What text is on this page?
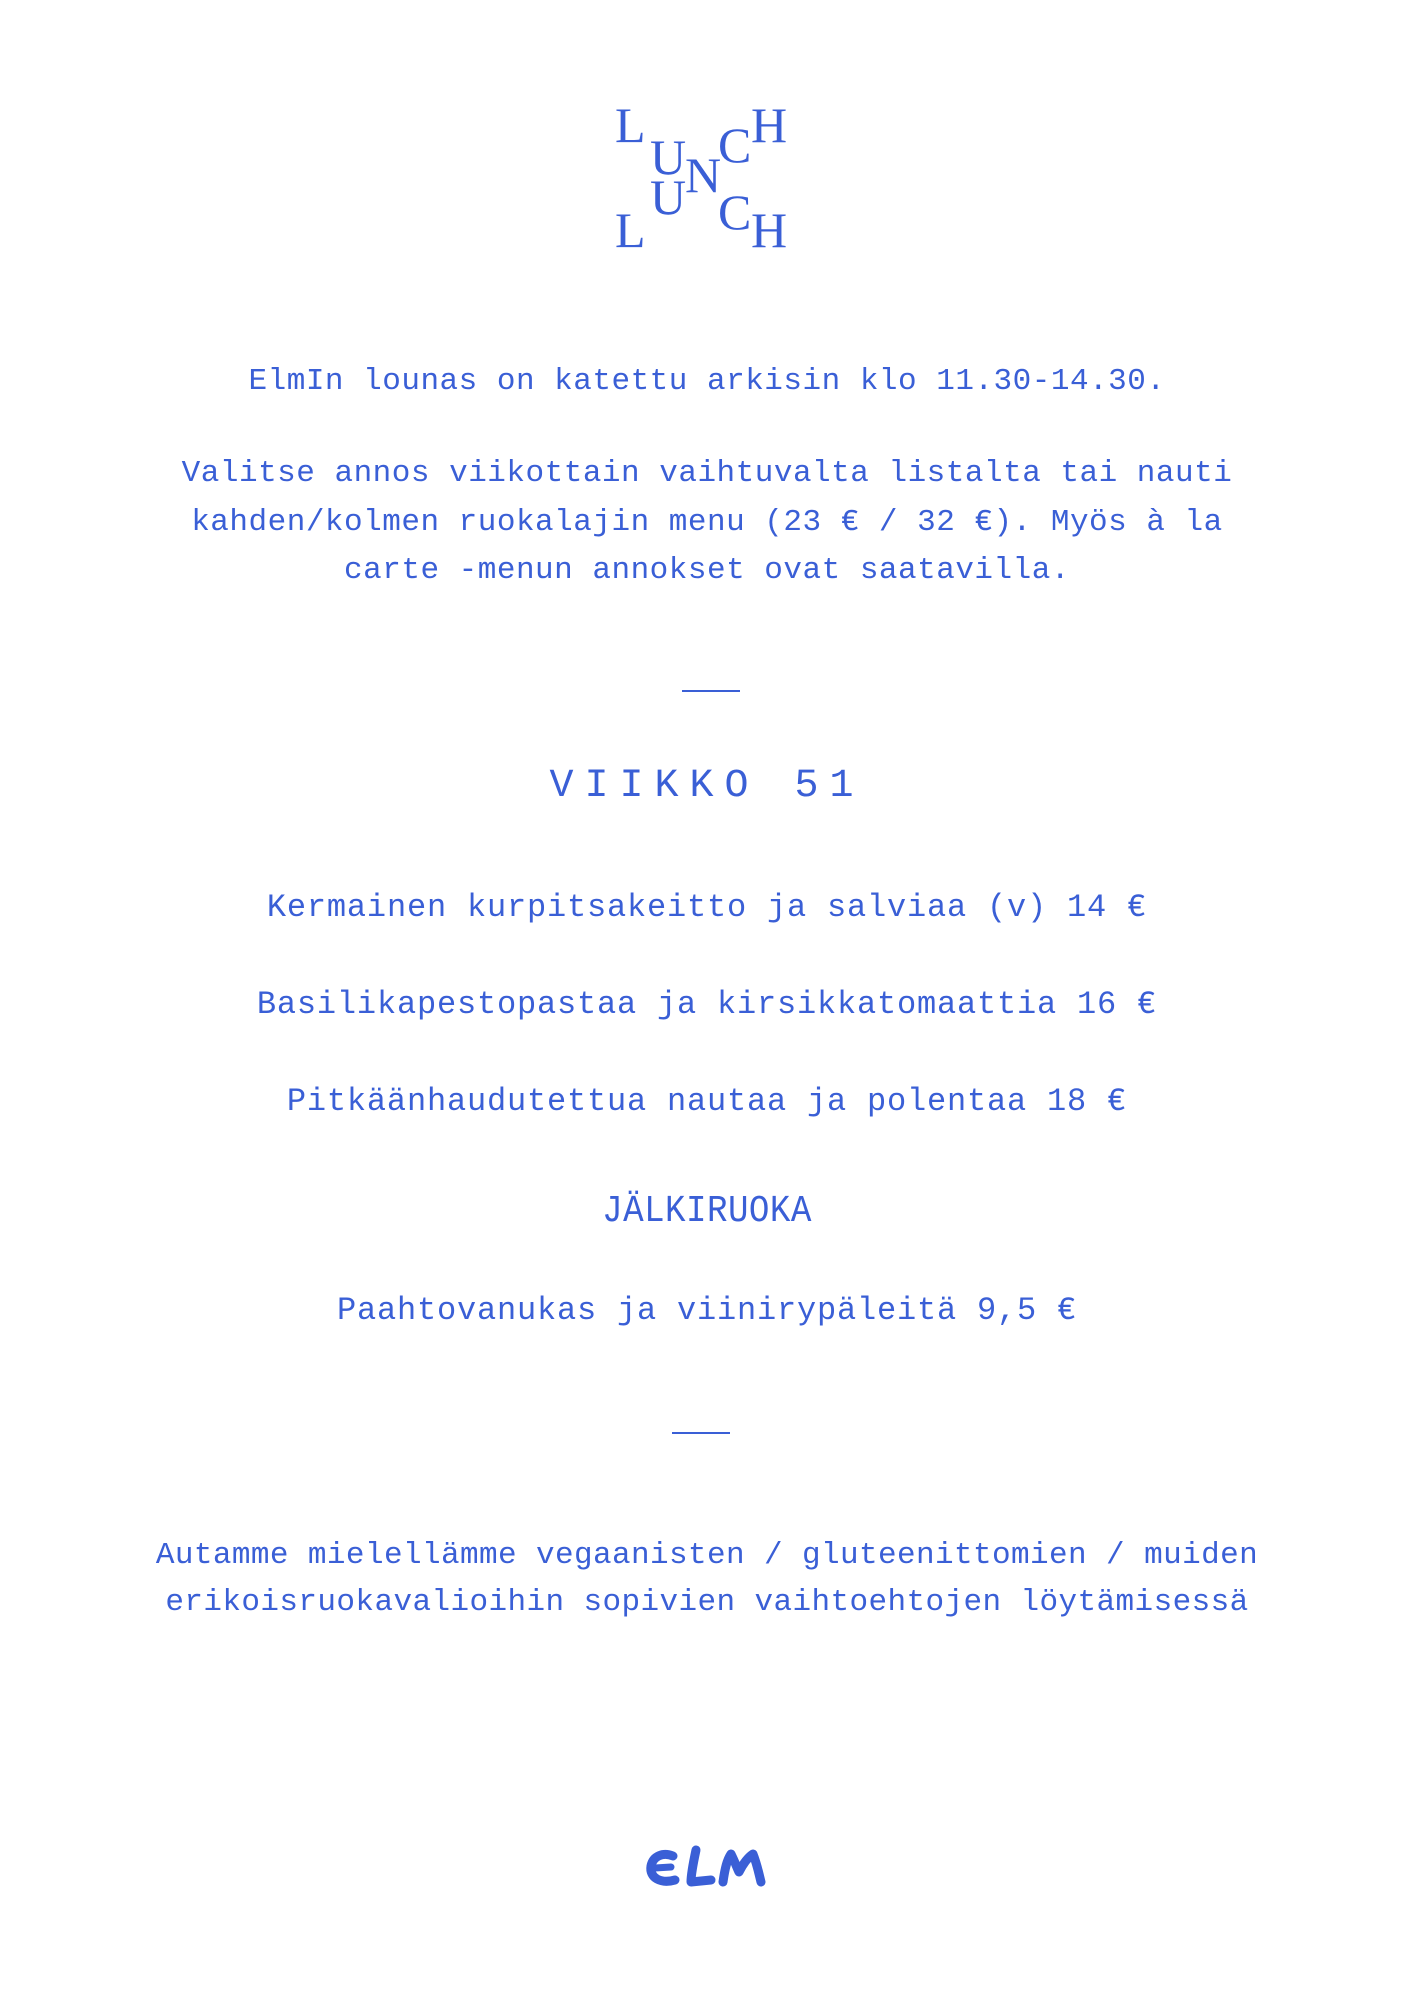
L
U
N
C H
L
U C H
ElmIn lounas on katettu arkisin klo 11.30-14.30.
Valitse annos viikottain vaihtuvalta listalta tai nauti
kahden/kolmen ruokalajin menu (23 € / 32 €). Myös à la
carte -menun annokset ovat saatavilla.
VIIKKO 51
Kermainen kurpitsakeitto ja salviaa (v) 14 €
Basilikapestopastaa ja kirsikkatomaattia 16 €
Pitkäänhaudutettua nautaa ja polentaa 18 €
JÄLKIRUOKA
Paahtovanukas ja viinirypäleitä 9,5 €
Autamme mielellämme vegaanisten / gluteenittomien / muiden
erikoisruokavalioihin sopivien vaihtoehtojen löytämisessä
